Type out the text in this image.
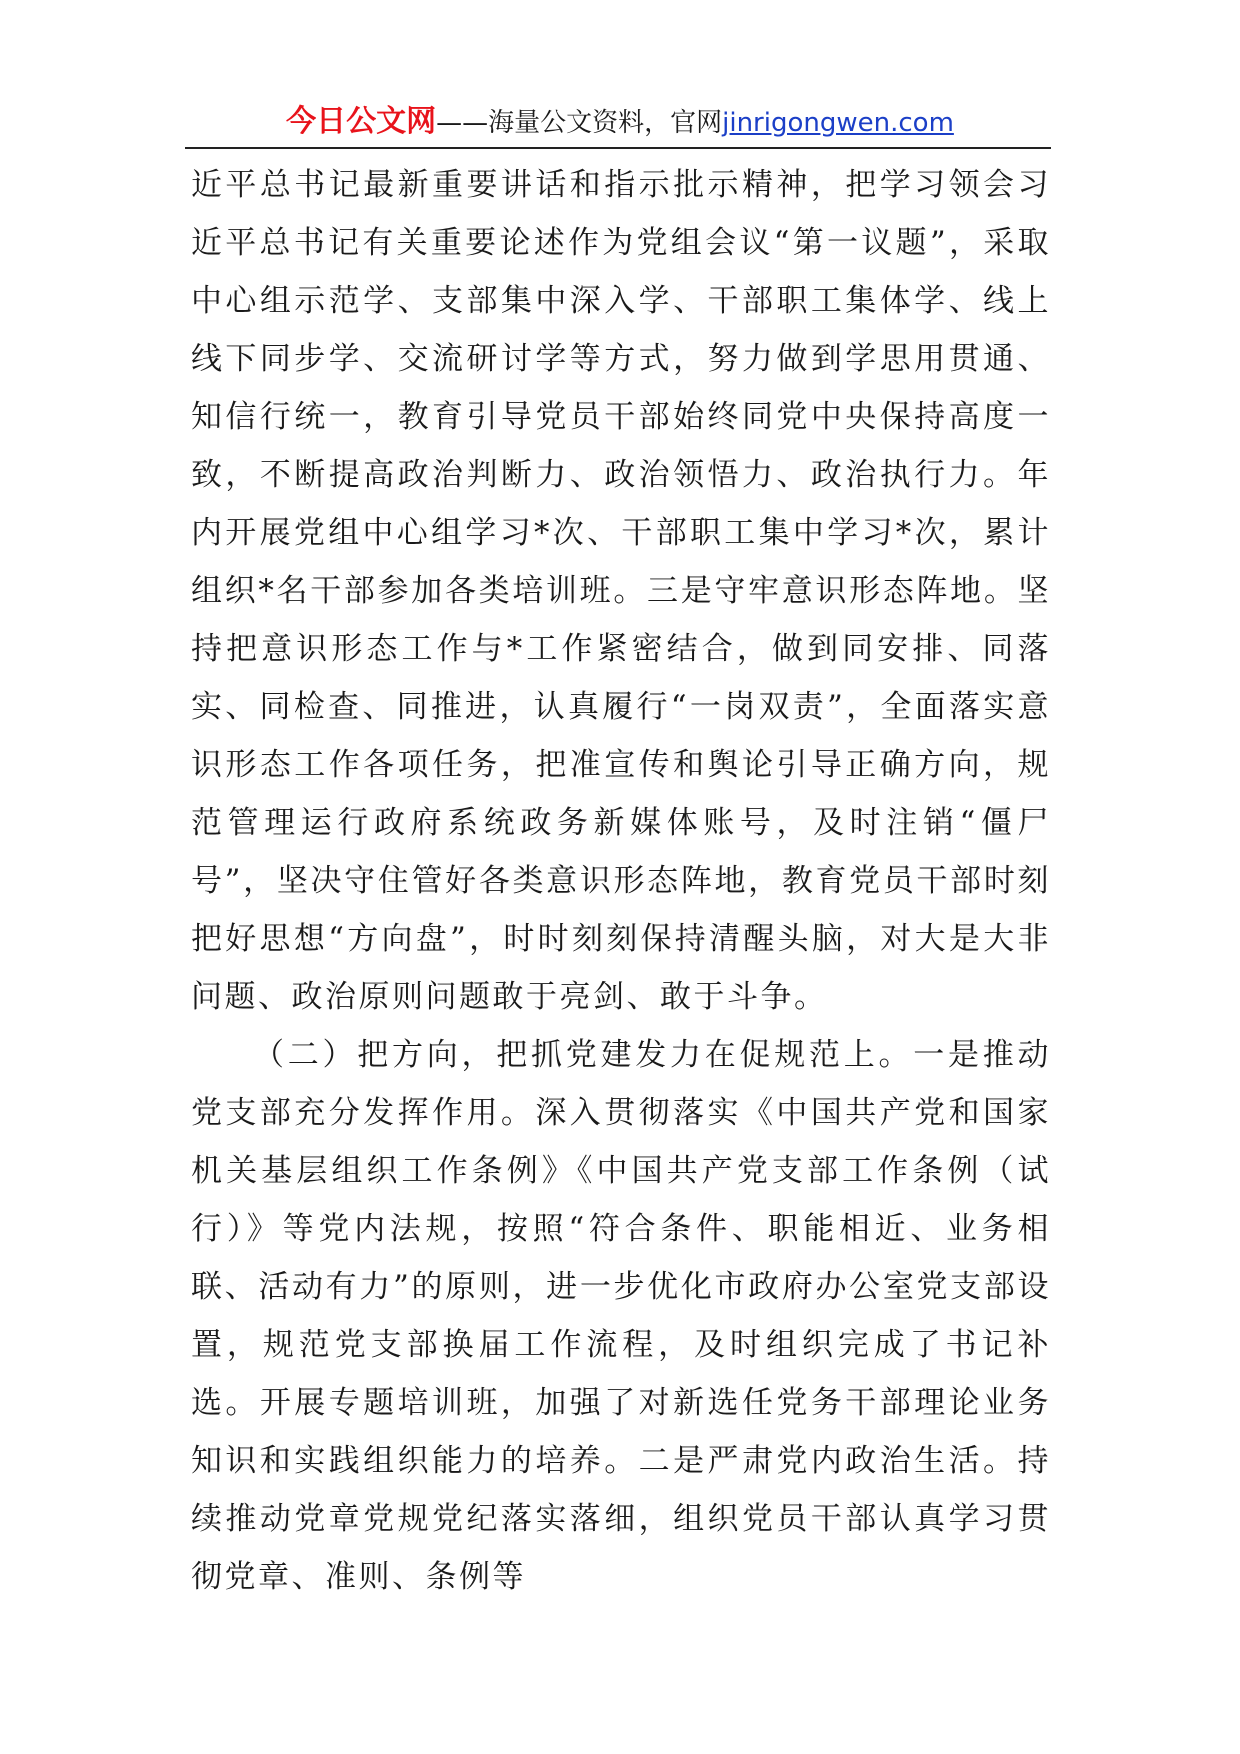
今日公文网——海量公文资料，官网jinrigongwen.com

近平总书记最新重要讲话和指示批示精神，把学习领会习近平总书记有关重要论述作为党组会议“第一议题”，采取中心组示范学、支部集中深入学、干部职工集体学、线上线下同步学、交流研讨学等方式，努力做到学思用贯通、知信行统一，教育引导党员干部始终同党中央保持高度一致，不断提高政治判断力、政治领悟力、政治执行力。年内开展党组中心组学习*次、干部职工集中学习*次，累计组织*名干部参加各类培训班。三是守牢意识形态阵地。坚持把意识形态工作与*工作紧密结合，做到同安排、同落实、同检查、同推进，认真履行“一岗双责”，全面落实意识形态工作各项任务，把准宣传和舆论引导正确方向，规范管理运行政府系统政务新媒体账号，及时注销“僵尸号”，坚决守住管好各类意识形态阵地，教育党员干部时刻把好思想“方向盘”，时时刻刻保持清醒头脑，对大是大非问题、政治原则问题敢于亮剑、敢于斗争。

（二）把方向，把抓党建发力在促规范上。一是推动党支部充分发挥作用。深入贯彻落实《中国共产党和国家机关基层组织工作条例》《中国共产党支部工作条例（试行）》等党内法规，按照“符合条件、职能相近、业务相联、活动有力”的原则，进一步优化市政府办公室党支部设置，规范党支部换届工作流程，及时组织完成了书记补选。开展专题培训班，加强了对新选任党务干部理论业务知识和实践组织能力的培养。二是严肃党内政治生活。持续推动党章党规党纪落实落细，组织党员干部认真学习贯彻党章、准则、条例等
